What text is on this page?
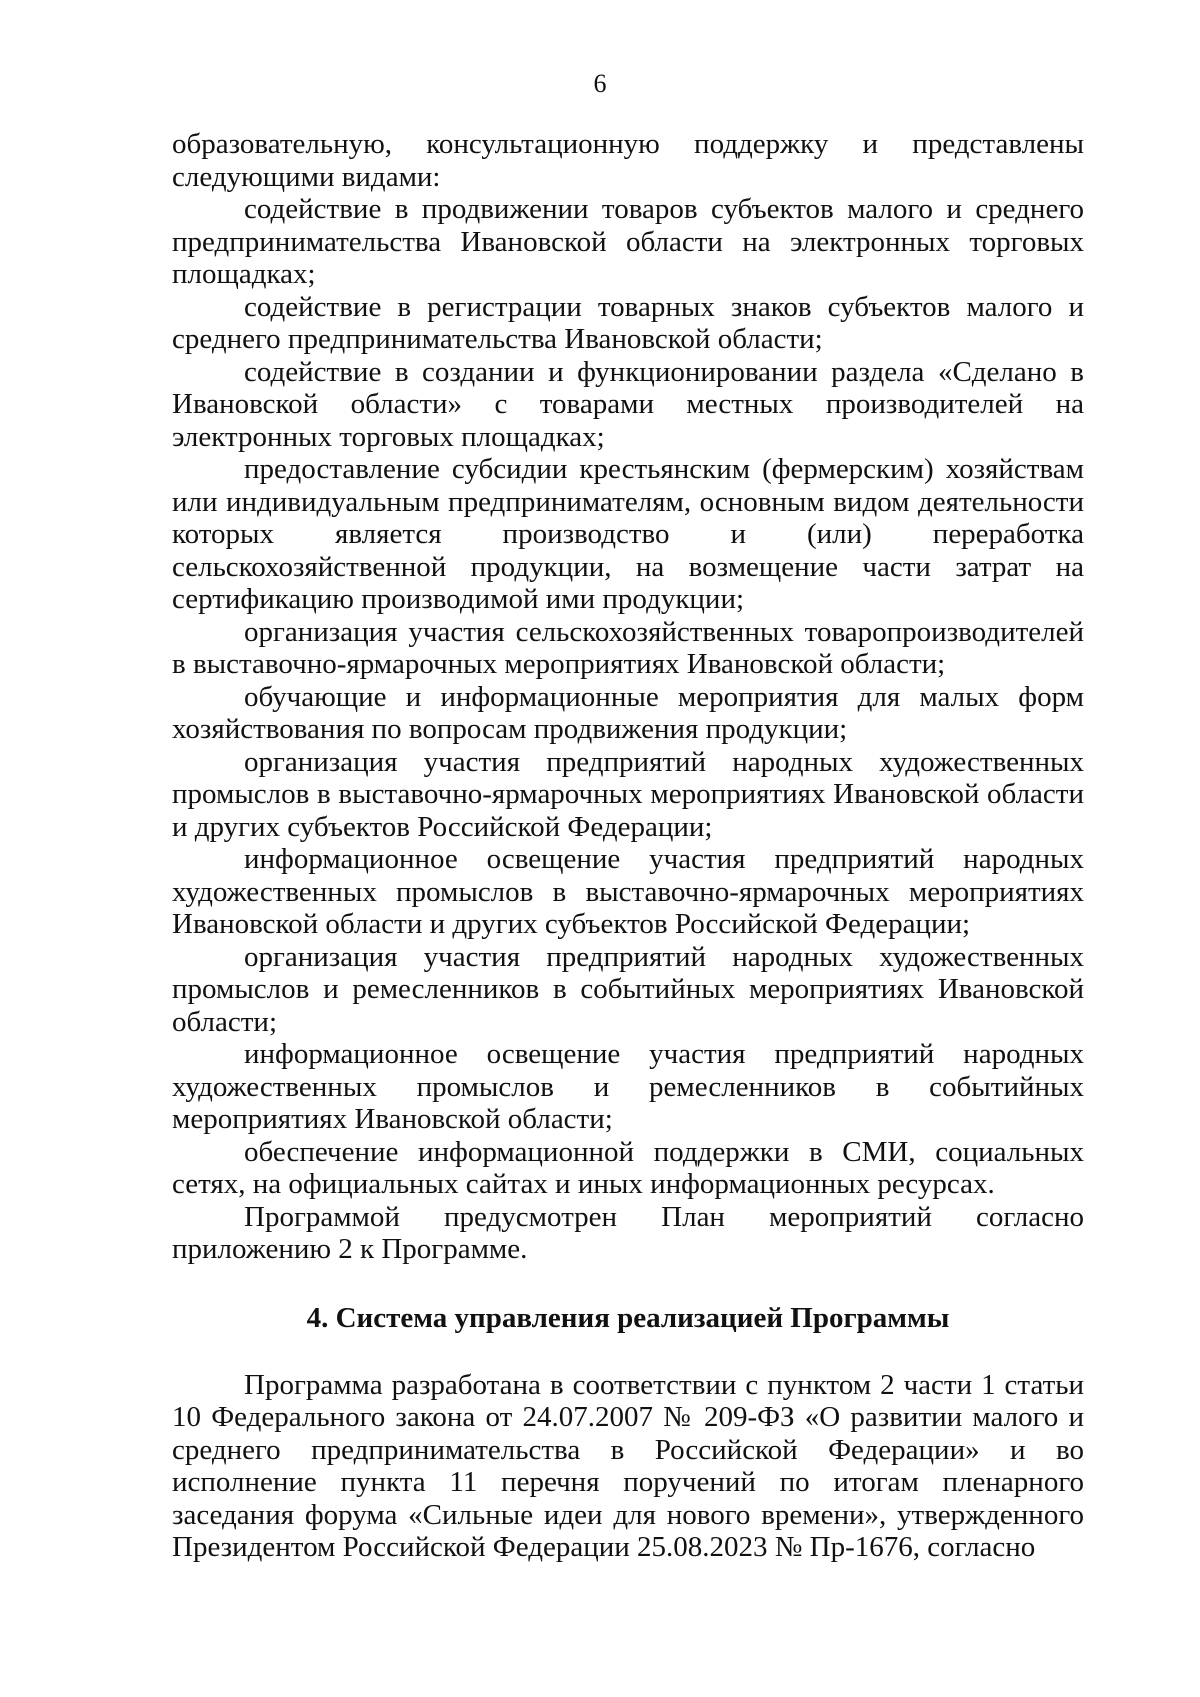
6

образовательную, консультационную поддержку и представлены следующими видами:

содействие в продвижении товаров субъектов малого и среднего предпринимательства Ивановской области на электронных торговых площадках;

содействие в регистрации товарных знаков субъектов малого и среднего предпринимательства Ивановской области;

содействие в создании и функционировании раздела «Сделано в Ивановской области» с товарами местных производителей на электронных торговых площадках;

предоставление субсидии крестьянским (фермерским) хозяйствам или индивидуальным предпринимателям, основным видом деятельности которых является производство и (или) переработка сельскохозяйственной продукции, на возмещение части затрат на сертификацию производимой ими продукции;

организация участия сельскохозяйственных товаропроизводителей в выставочно-ярмарочных мероприятиях Ивановской области;

обучающие и информационные мероприятия для малых форм хозяйствования по вопросам продвижения продукции;

организация участия предприятий народных художественных промыслов в выставочно-ярмарочных мероприятиях Ивановской области и других субъектов Российской Федерации;

информационное освещение участия предприятий народных художественных промыслов в выставочно-ярмарочных мероприятиях Ивановской области и других субъектов Российской Федерации;

организация участия предприятий народных художественных промыслов и ремесленников в событийных мероприятиях Ивановской области;

информационное освещение участия предприятий народных художественных промыслов и ремесленников в событийных мероприятиях Ивановской области;

обеспечение информационной поддержки в СМИ, социальных сетях, на официальных сайтах и иных информационных ресурсах.

Программой предусмотрен План мероприятий согласно приложению 2 к Программе.

4. Система управления реализацией Программы

Программа разработана в соответствии с пунктом 2 части 1 статьи 10 Федерального закона от 24.07.2007 № 209-ФЗ «О развитии малого и среднего предпринимательства в Российской Федерации» и во исполнение пункта 11 перечня поручений по итогам пленарного заседания форума «Сильные идеи для нового времени», утвержденного Президентом Российской Федерации 25.08.2023 № Пр-1676, согласно
